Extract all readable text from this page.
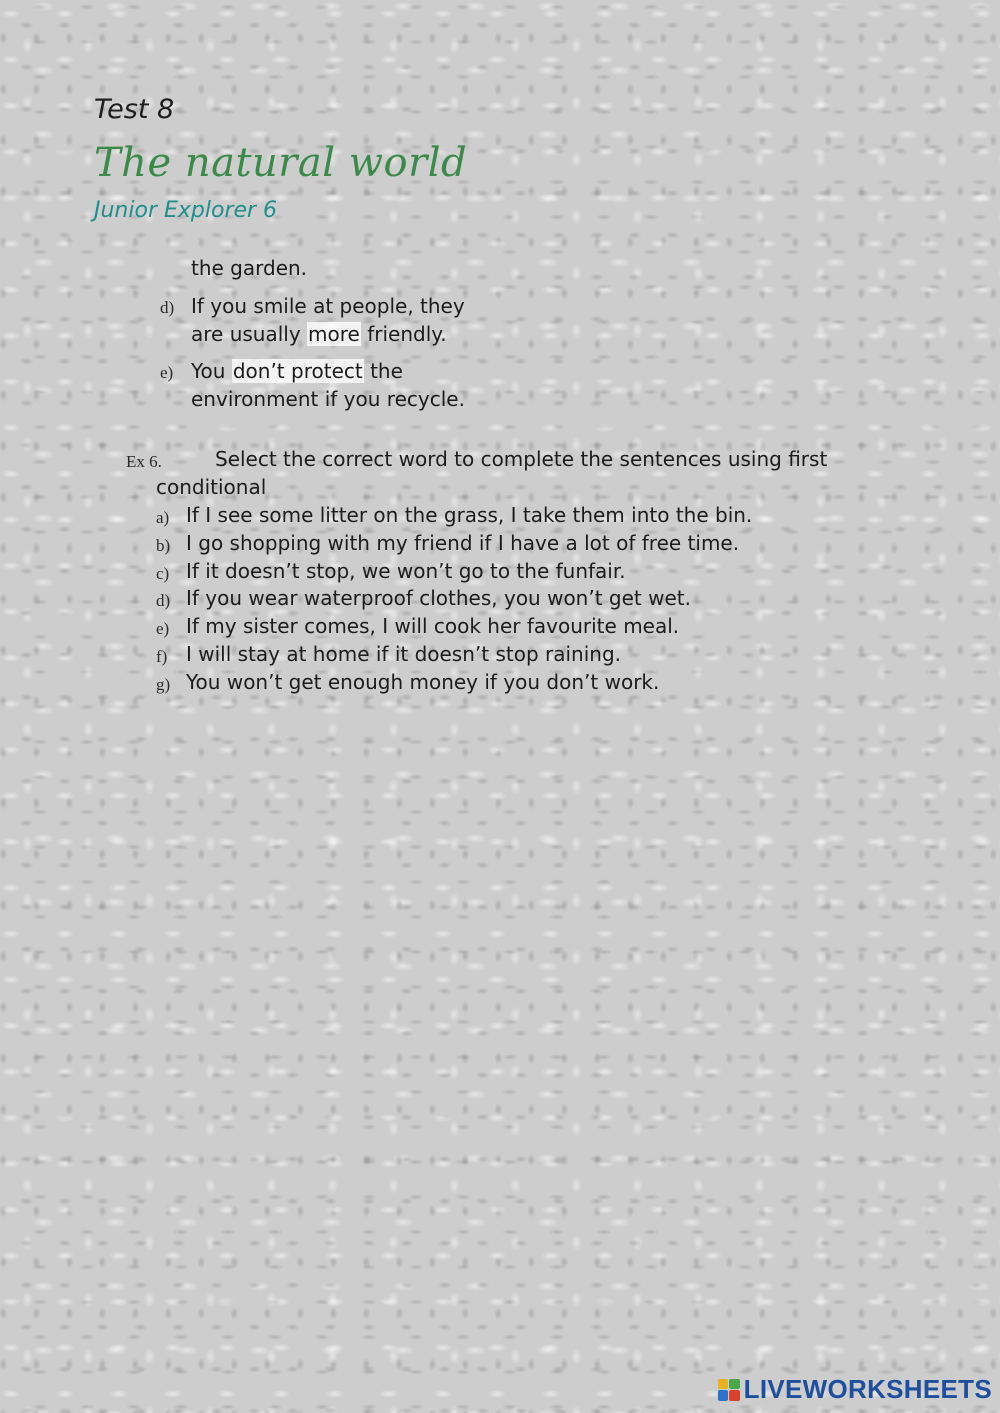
Test 8
The natural world
Junior Explorer 6
the garden.
d) If you smile at people, they
are usually more friendly.
e) You don’t protect the
environment if you recycle.
Ex 6.	Select the correct word to complete the sentences using first
conditional
a) If I see some litter on the grass, I take them into the bin.
b) I go shopping with my friend if I have a lot of free time.
c) If it doesn’t stop, we won’t go to the funfair.
d) If you wear waterproof clothes, you won’t get wet.
e) If my sister comes, I will cook her favourite meal.
f) I will stay at home if it doesn’t stop raining.
g) You won’t get enough money if you don’t work.
LIVEWORKSHEETS
